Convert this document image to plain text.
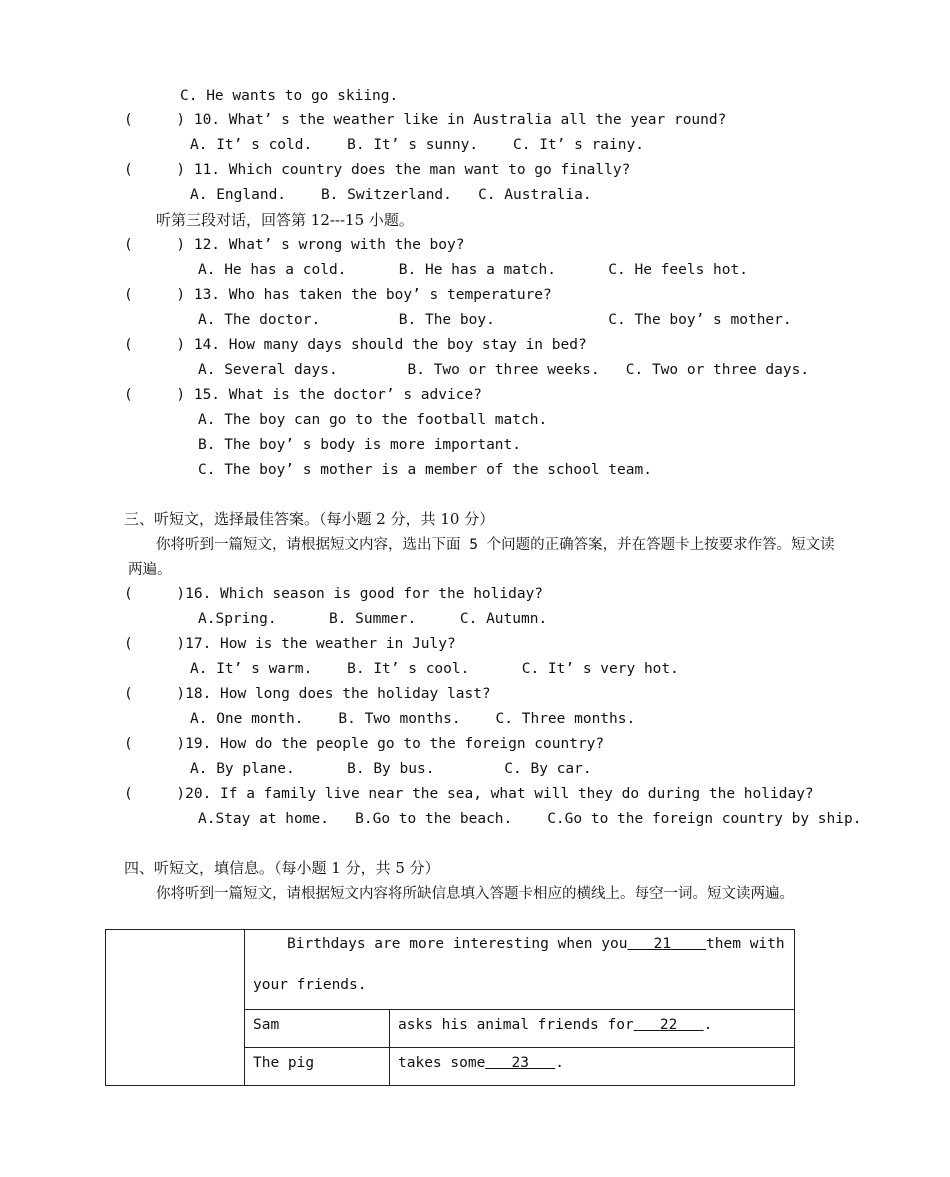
C. He wants to go skiing.
(     ) 10. What’ s the weather like in Australia all the year round?
A. It’ s cold.    B. It’ s sunny.    C. It’ s rainy.
(     ) 11. Which country does the man want to go finally?
A. England.    B. Switzerland.   C. Australia.
听第三段对话，回答第 12---15 小题。
(     ) 12. What’ s wrong with the boy?
A. He has a cold.      B. He has a match.      C. He feels hot.
(     ) 13. Who has taken the boy’ s temperature?
A. The doctor.         B. The boy.             C. The boy’ s mother.
(     ) 14. How many days should the boy stay in bed?
A. Several days.        B. Two or three weeks.   C. Two or three days.
(     ) 15. What is the doctor’ s advice?
A. The boy can go to the football match.
B. The boy’ s body is more important.
C. The boy’ s mother is a member of the school team.
三、听短文，选择最佳答案。（每小题 2 分，共 10 分）
你将听到一篇短文，请根据短文内容，选出下面 5 个问题的正确答案，并在答题卡上按要求作答。短文读两遍。
(     )16. Which season is good for the holiday?
A.Spring.      B. Summer.     C. Autumn.
(     )17. How is the weather in July?
A. It’ s warm.    B. It’ s cool.      C. It’ s very hot.
(     )18. How long does the holiday last?
A. One month.    B. Two months.    C. Three months.
(     )19. How do the people go to the foreign country?
A. By plane.      B. By bus.        C. By car.
(     )20. If a family live near the sea, what will they do during the holiday?
A.Stay at home.   B.Go to the beach.    C.Go to the foreign country by ship.
四、听短文，填信息。（每小题 1 分，共 5 分）
你将听到一篇短文，请根据短文内容将所缺信息填入答题卡相应的横线上。每空一词。短文读两遍。

	Birthdays are more interesting when you 21 them with
your friends.	

	Sam	asks his animal friends for 22 .
	The pig	takes some 23 .
